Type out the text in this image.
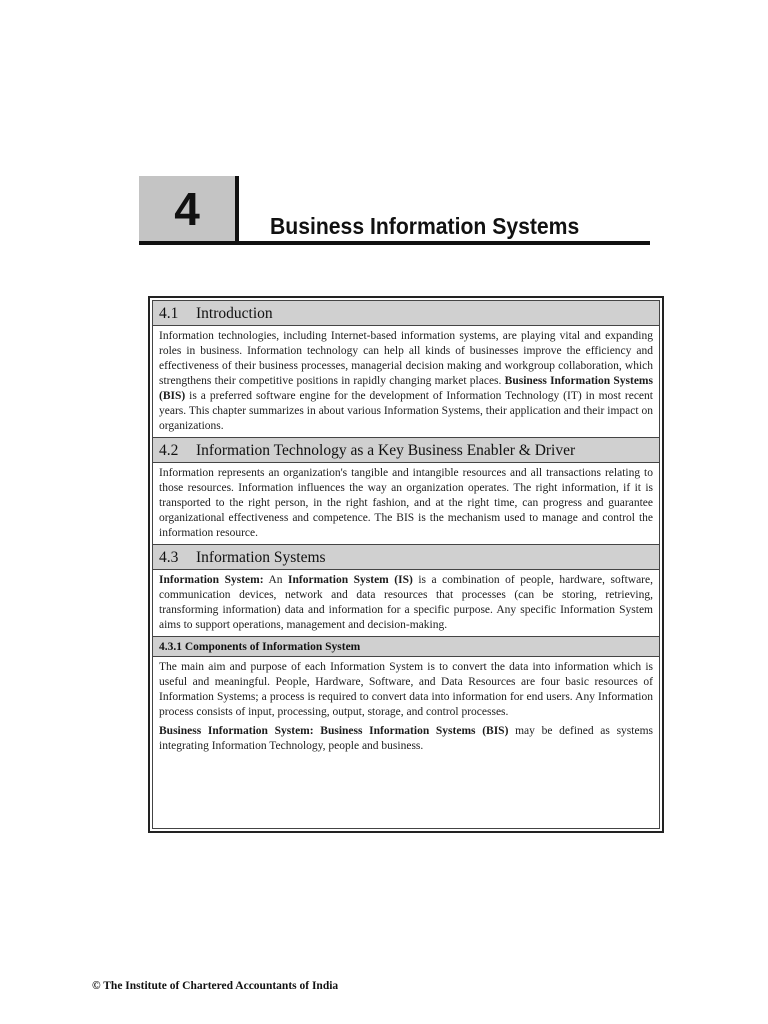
4	Business Information Systems
4.1 Introduction

Information technologies, including Internet-based information systems, are playing vital and expanding roles in business. Information technology can help all kinds of businesses improve the efficiency and effectiveness of their business processes, managerial decision making and workgroup collaboration, which strengthens their competitive positions in rapidly changing market places. Business Information Systems (BIS) is a preferred software engine for the development of Information Technology (IT) in most recent years. This chapter summarizes in about various Information Systems, their application and their impact on organizations.

4.2	Information Technology as a Key Business Enabler & Driver

Information represents an organization's tangible and intangible resources and all transactions relating to those resources. Information influences the way an organization operates. The right information, if it is transported to the right person, in the right fashion, and at the right time, can progress and guarantee organizational effectiveness and competence. The BIS is the mechanism used to manage and control the information resource.

4.3 Information Systems

Information System: An Information System (IS) is a combination of people, hardware, software, communication devices, network and data resources that processes (can be storing, retrieving, transforming information) data and information for a specific purpose. Any specific Information System aims to support operations, management and decision-making.

4.3.1 Components of Information System

The main aim and purpose of each Information System is to convert the data into information which is useful and meaningful. People, Hardware, Software, and Data Resources are four basic resources of Information Systems; a process is required to convert data into information for end users. Any Information process consists of input, processing, output, storage, and control processes.

Business Information System: Business Information Systems (BIS) may be defined as systems integrating Information Technology, people and business.

© The Institute of Chartered Accountants of India
